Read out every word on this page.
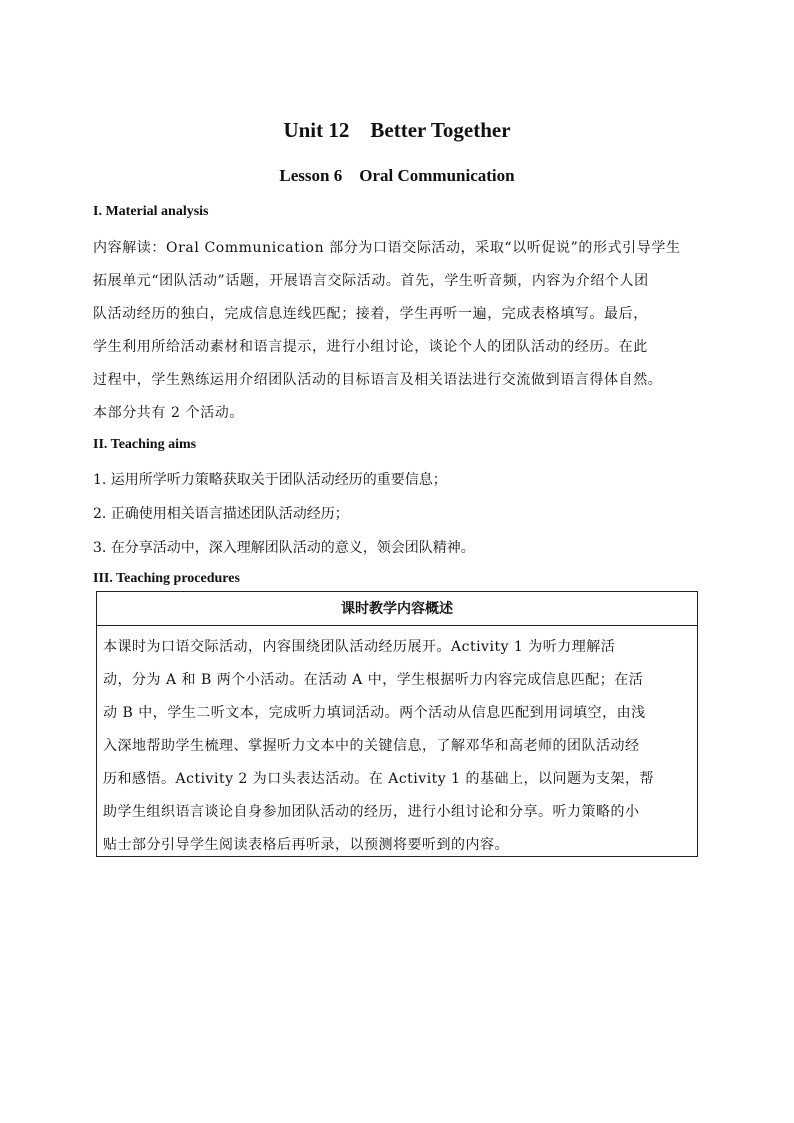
Unit 12    Better Together
Lesson 6    Oral Communication
I. Material analysis
内容解读：Oral Communication 部分为口语交际活动，采取“以听促说”的形式引导学生
拓展单元“团队活动”话题，开展语言交际活动。首先，学生听音频，内容为介绍个人团
队活动经历的独白，完成信息连线匹配；接着，学生再听一遍，完成表格填写。最后，
学生利用所给活动素材和语言提示，进行小组讨论，谈论个人的团队活动的经历。在此
过程中，学生熟练运用介绍团队活动的目标语言及相关语法进行交流做到语言得体自然。
本部分共有 2 个活动。
II. Teaching aims
1. 运用所学听力策略获取关于团队活动经历的重要信息；
2. 正确使用相关语言描述团队活动经历；
3. 在分享活动中，深入理解团队活动的意义，领会团队精神。
III. Teaching procedures
课时教学内容概述
本课时为口语交际活动，内容围绕团队活动经历展开。Activity 1 为听力理解活
动，分为 A 和 B 两个小活动。在活动 A 中，学生根据听力内容完成信息匹配；在活
动 B 中，学生二听文本，完成听力填词活动。两个活动从信息匹配到用词填空，由浅
入深地帮助学生梳理、掌握听力文本中的关键信息，了解邓华和高老师的团队活动经
历和感悟。Activity 2 为口头表达活动。在 Activity 1 的基础上，以问题为支架，帮
助学生组织语言谈论自身参加团队活动的经历，进行小组讨论和分享。听力策略的小
贴士部分引导学生阅读表格后再听录，以预测将要听到的内容。
